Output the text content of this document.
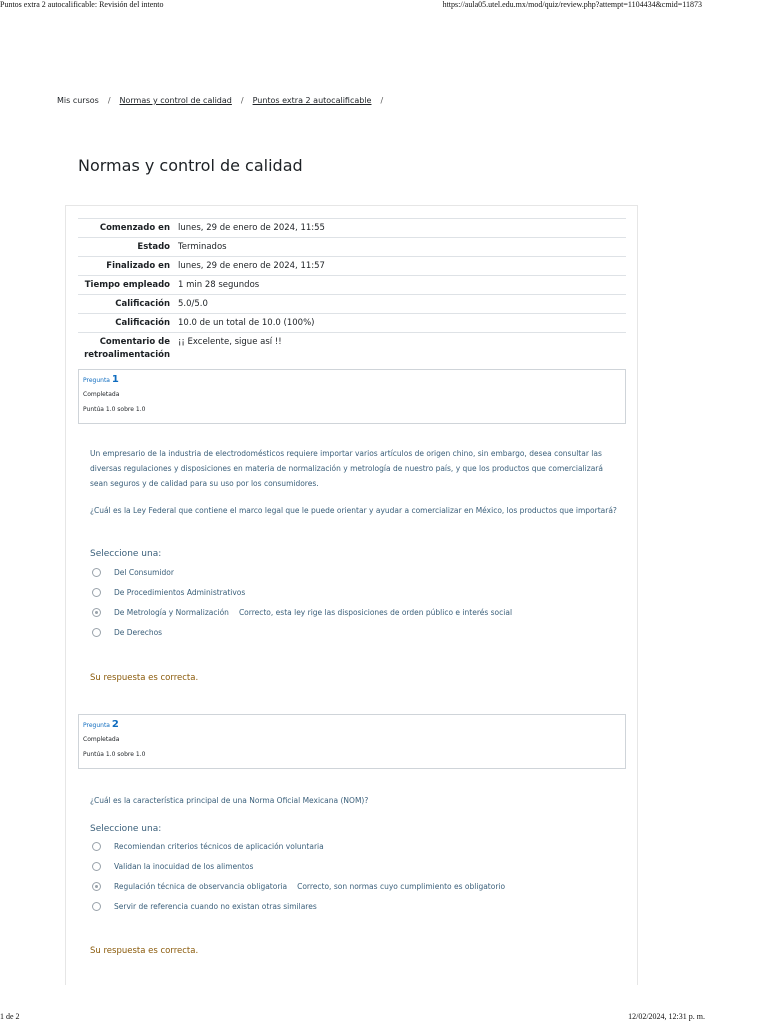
Puntos extra 2 autocalificable: Revisión del intento	https://aula05.utel.edu.mx/mod/quiz/review.php?attempt=1104434&cmid=11873
Mis cursos / Normas y control de calidad / Puntos extra 2 autocalificable /
Normas y control de calidad
Comenzado en	lunes, 29 de enero de 2024, 11:55
Estado	Terminados
Finalizado en	lunes, 29 de enero de 2024, 11:57
Tiempo empleado	1 min 28 segundos
Calificación	5.0/5.0
Calificación	10.0 de un total de 10.0 (100%)
Comentario de retroalimentación	¡¡ Excelente, sigue así !!
Pregunta 1
Completada
Puntúa 1.0 sobre 1.0

Un empresario de la industria de electrodomésticos requiere importar varios artículos de origen chino, sin embargo, desea consultar las diversas regulaciones y disposiciones en materia de normalización y metrología de nuestro país, y que los productos que comercializará sean seguros y de calidad para su uso por los consumidores.

¿Cuál es la Ley Federal que contiene el marco legal que le puede orientar y ayudar a comercializar en México, los productos que importará?

Seleccione una:
Del Consumidor
De Procedimientos Administrativos
De Metrología y Normalización Correcto, esta ley rige las disposiciones de orden público e interés social
De Derechos
Su respuesta es correcta.
Pregunta 2
Completada
Puntúa 1.0 sobre 1.0

¿Cuál es la característica principal de una Norma Oficial Mexicana (NOM)?

Seleccione una:
Recomiendan criterios técnicos de aplicación voluntaria
Validan la inocuidad de los alimentos
Regulación técnica de observancia obligatoria Correcto, son normas cuyo cumplimiento es obligatorio
Servir de referencia cuando no existan otras similares
Su respuesta es correcta.
1 de 2	12/02/2024, 12:31 p. m.
